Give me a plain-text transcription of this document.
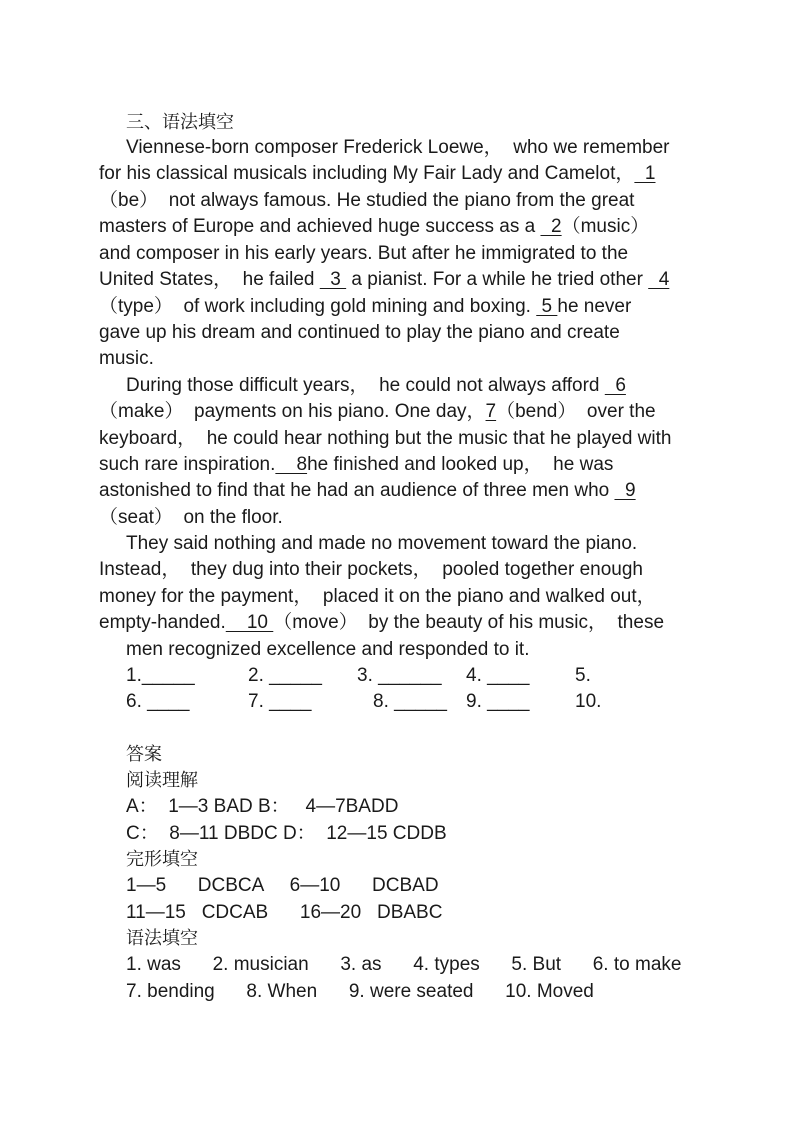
三、语法填空
Viennese-born composer Frederick Loewe，  who we remember
for his classical musicals including My Fair Lady and Camelot，  1
（be）  not always famous. He studied the piano from the great
masters of Europe and achieved huge success as a   2（music）
and composer in his early years. But after he immigrated to the
United States，  he failed   3  a pianist. For a while he tried other   4
（type）  of work including gold mining and boxing.  5 he never
gave up his dream and continued to play the piano and create
music.
During those difficult years，  he could not always afford   6
（make）  payments on his piano. One day，7（bend）  over the
keyboard，  he could hear nothing but the music that he played with
such rare inspiration.    8he finished and looked up，  he was
astonished to find that he had an audience of three men who   9
（seat）  on the floor.
They said nothing and made no movement toward the piano.
Instead，  they dug into their pockets，  pooled together enough
money for the payment，  placed it on the piano and walked out，
empty-handed.    10 （move）  by the beauty of his music，  these
men recognized excellence and responded to it.
1._____	2. _____ 3. ______ 4. ____ 5.
6. ____	7. ____	8. _____ 9. ____ 10.
答案
阅读理解
A：  1—3 BAD B：   4—7BADD
C：  8—11 DBDC D：  12—15 CDDB
完形填空
1—5      DCBCA     6—10      DCBAD
11—15   CDCAB      16—20   DBABC
语法填空
1. was      2. musician      3. as      4. types      5. But      6. to make
7. bending      8. When      9. were seated      10. Moved
